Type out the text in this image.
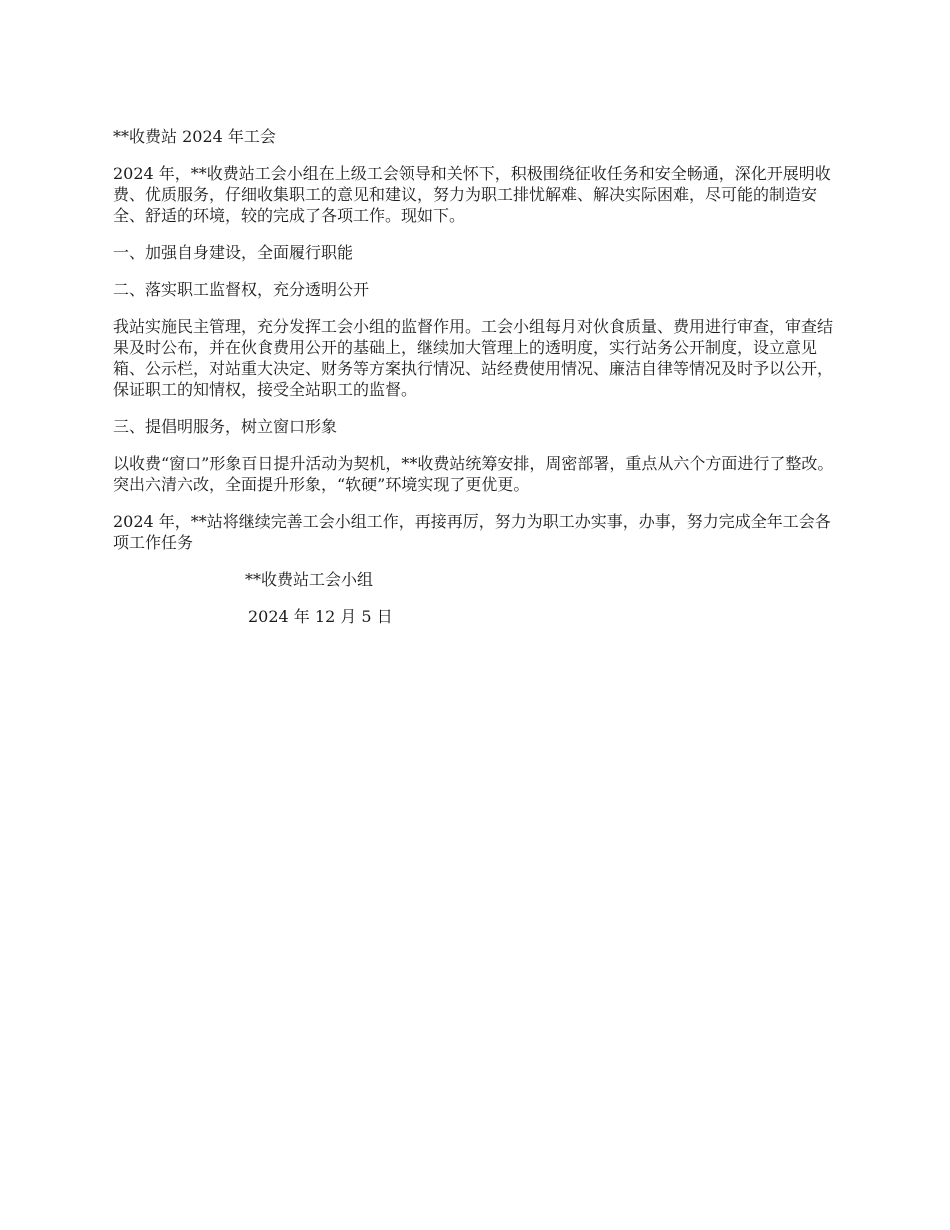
**收费站 2024 年工会

2024 年，**收费站工会小组在上级工会领导和关怀下，积极围绕征收任务和安全畅通，深化开展明收费、优质服务，仔细收集职工的意见和建议，努力为职工排忧解难、解决实际困难，尽可能的制造安全、舒适的环境，较的完成了各项工作。现如下。

一、加强自身建设，全面履行职能

二、落实职工监督权，充分透明公开

我站实施民主管理，充分发挥工会小组的监督作用。工会小组每月对伙食质量、费用进行审查，审查结果及时公布，并在伙食费用公开的基础上，继续加大管理上的透明度，实行站务公开制度，设立意见箱、公示栏，对站重大决定、财务等方案执行情况、站经费使用情况、廉洁自律等情况及时予以公开，保证职工的知情权，接受全站职工的监督。

三、提倡明服务，树立窗口形象

以收费“窗口”形象百日提升活动为契机，**收费站统筹安排，周密部署，重点从六个方面进行了整改。突出六清六改，全面提升形象，“软硬”环境实现了更优更。

2024 年，**站将继续完善工会小组工作，再接再厉，努力为职工办实事，办事，努力完成全年工会各项工作任务

**收费站工会小组

2024 年 12 月 5 日
